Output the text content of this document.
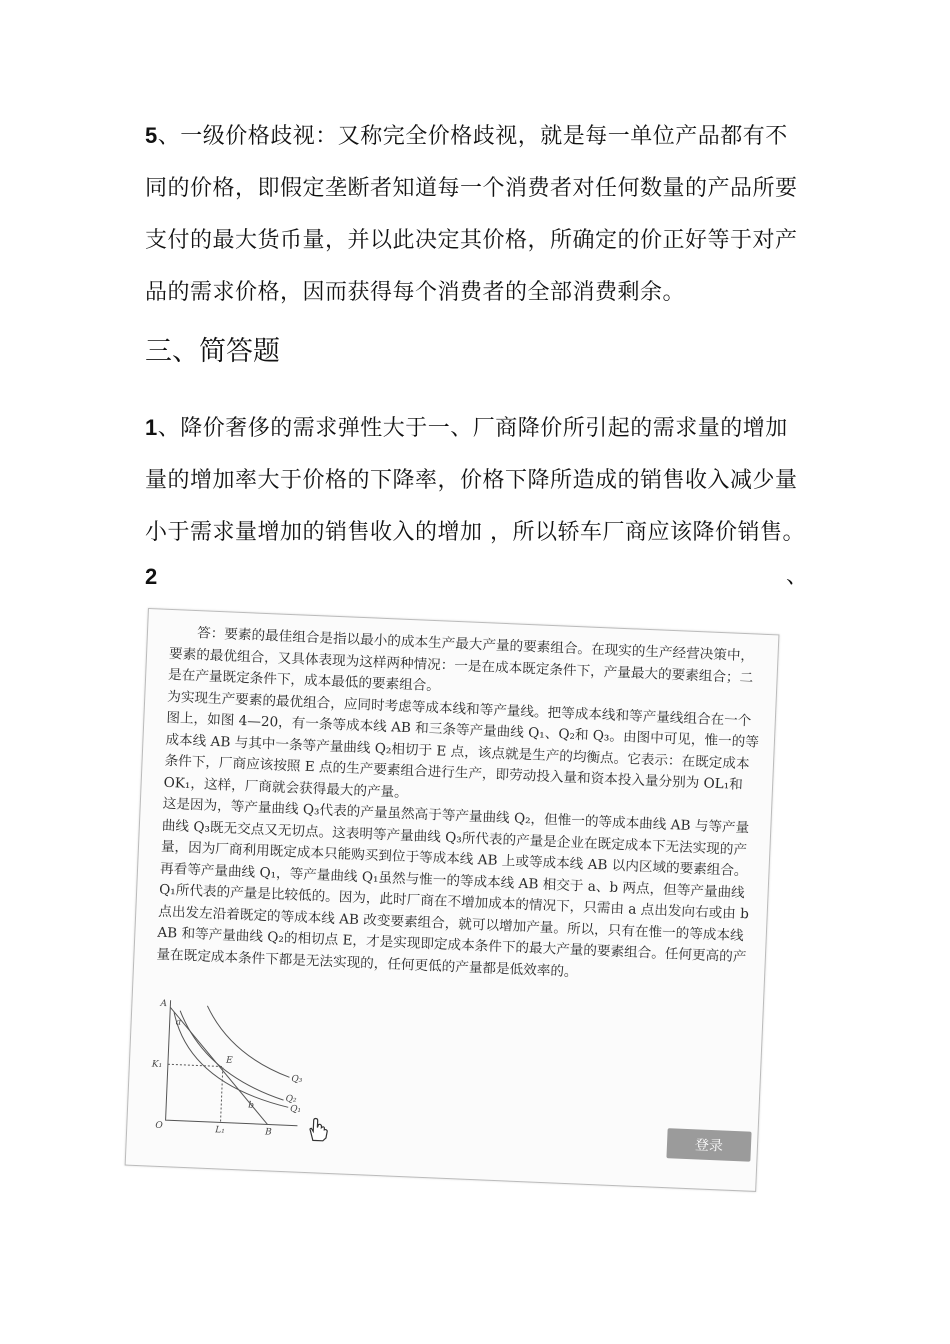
5、一级价格歧视：又称完全价格歧视，就是每一单位产品都有不同的价格，即假定垄断者知道每一个消费者对任何数量的产品所要支付的最大货币量，并以此决定其价格，所确定的价正好等于对产品的需求价格，因而获得每个消费者的全部消费剩余。
三、简答题
1、降价奢侈的需求弹性大于一、厂商降价所引起的需求量的增加量的增加率大于价格的下降率，价格下降所造成的销售收入减少量小于需求量增加的销售收入的增加 ，所以轿车厂商应该降价销售。
2	、

答：要素的最佳组合是指以最小的成本生产最大产量的要素组合。在现实的生产经营决策中，要素的最优组合，又具体表现为这样两种情况：一是在成本既定条件下，产量最大的要素组合；二是在产量既定条件下，成本最低的要素组合。

为实现生产要素的最优组合，应同时考虑等成本线和等产量线。把等成本线和等产量线组合在一个图上，如图 4—20，有一条等成本线 AB 和三条等产量曲线 Q₁、Q₂和 Q₃。由图中可见，惟一的等成本线 AB 与其中一条等产量曲线 Q₂相切于 E 点，该点就是生产的均衡点。它表示：在既定成本条件下，厂商应该按照 E 点的生产要素组合进行生产，即劳动投入量和资本投入量分别为 OL₁和 OK₁，这样，厂商就会获得最大的产量。

这是因为，等产量曲线 Q₃代表的产量虽然高于等产量曲线 Q₂，但惟一的等成本曲线 AB 与等产量曲线 Q₃既无交点又无切点。这表明等产量曲线 Q₃所代表的产量是企业在既定成本下无法实现的产量，因为厂商利用既定成本只能购买到位于等成本线 AB 上或等成本线 AB 以内区域的要素组合。再看等产量曲线 Q₁，等产量曲线 Q₁虽然与惟一的等成本线 AB 相交于 a、b 两点，但等产量曲线 Q₁所代表的产量是比较低的。因为，此时厂商在不增加成本的情况下，只需由 a 点出发向右或由 b 点出发左沿着既定的等成本线 AB 改变要素组合，就可以增加产量。所以，只有在惟一的等成本线 AB 和等产量曲线 Q₂的相切点 E，才是实现即定成本条件下的最大产量的要素组合。任何更高的产量在既定成本条件下都是无法实现的，任何更低的产量都是低效率的。

A
K₁
O	L₁	B
E
a
b	Q₁
Q₂
Q₃
登录
